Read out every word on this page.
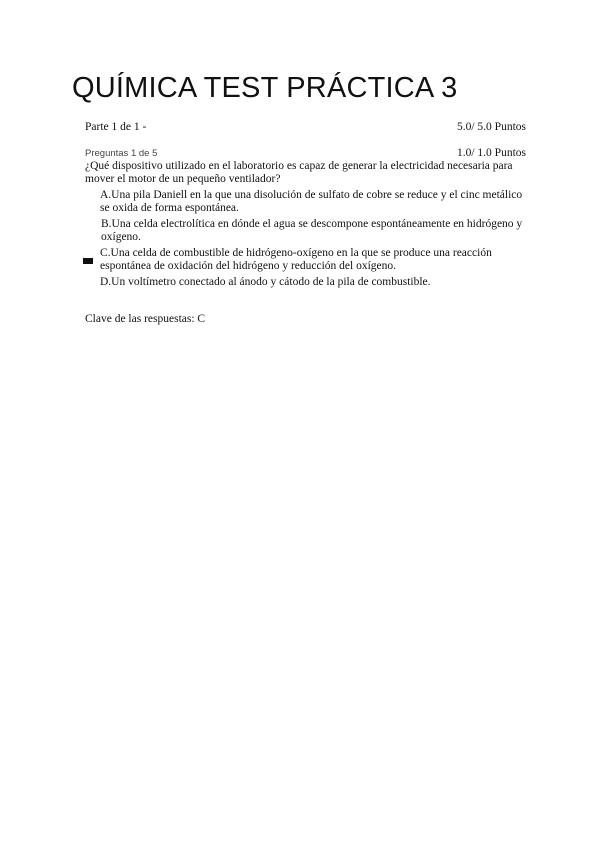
QUÍMICA TEST PRÁCTICA 3
Parte 1 de 1 -	5.0/ 5.0 Puntos
Preguntas 1 de 5	1.0/ 1.0 Puntos

¿Qué dispositivo utilizado en el laboratorio es capaz de generar la electricidad necesaria para mover el motor de un pequeño ventilador?

A.Una pila Daniell en la que una disolución de sulfato de cobre se reduce y el cinc metálico se oxida de forma espontánea.
B.Una celda electrolítica en dónde el agua se descompone espontáneamente en hidrógeno y oxígeno.
C.Una celda de combustible de hidrógeno-oxígeno en la que se produce una reacción espontánea de oxidación del hidrógeno y reducción del oxígeno.
D.Un voltímetro conectado al ánodo y cátodo de la pila de combustible.
Clave de las respuestas: C
